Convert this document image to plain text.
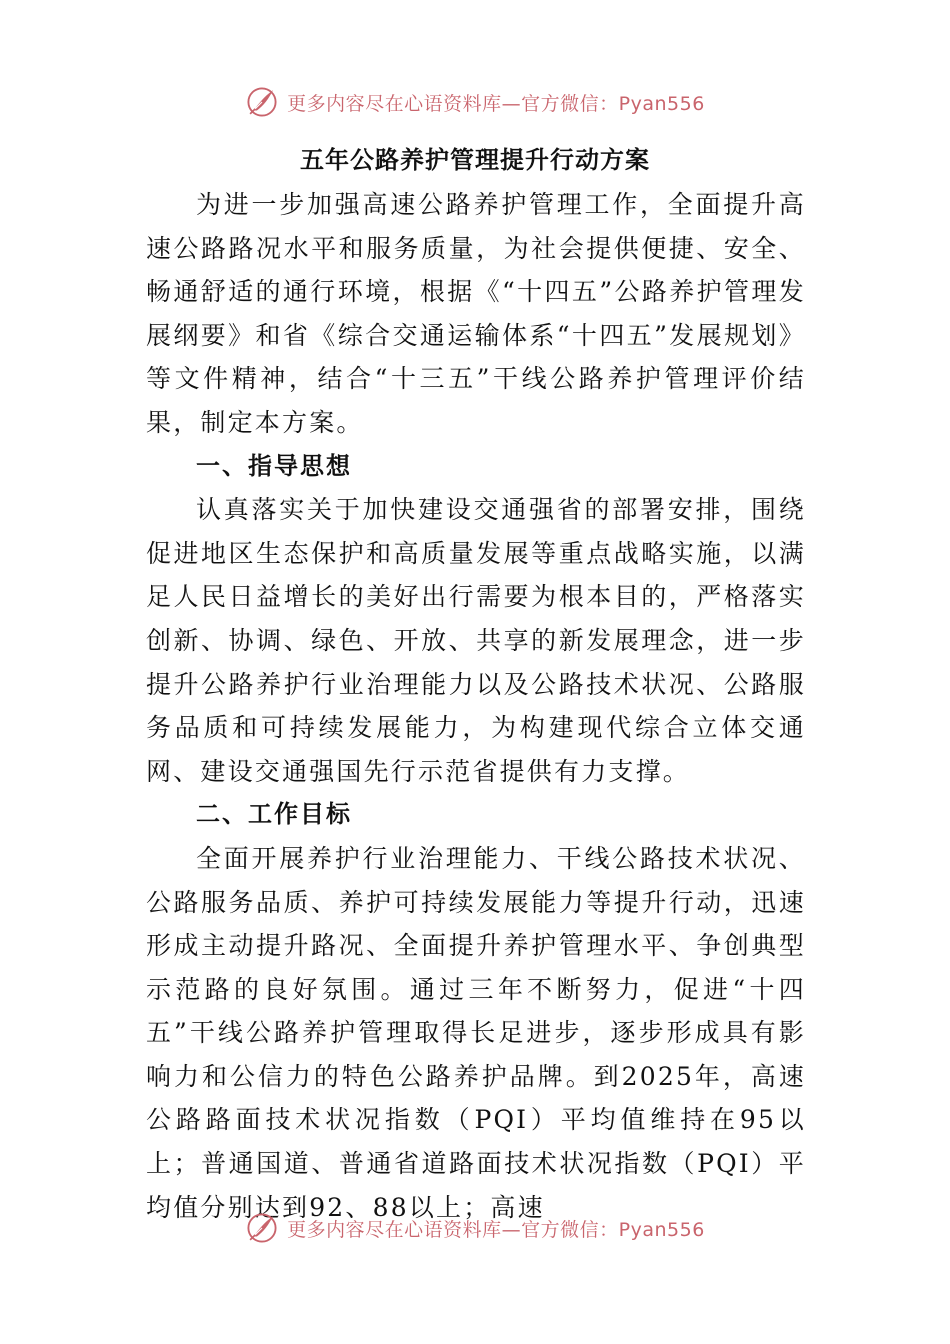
更多内容尽在心语资料库—官方微信：Pyan556
五年公路养护管理提升行动方案

为进一步加强高速公路养护管理工作，全面提升高速公路路况水平和服务质量，为社会提供便捷、安全、畅通舒适的通行环境，根据《“十四五”公路养护管理发展纲要》和省《综合交通运输体系“十四五”发展规划》等文件精神，结合“十三五”干线公路养护管理评价结果，制定本方案。

一、指导思想

认真落实关于加快建设交通强省的部署安排，围绕促进地区生态保护和高质量发展等重点战略实施，以满足人民日益增长的美好出行需要为根本目的，严格落实创新、协调、绿色、开放、共享的新发展理念，进一步提升公路养护行业治理能力以及公路技术状况、公路服务品质和可持续发展能力，为构建现代综合立体交通网、建设交通强国先行示范省提供有力支撑。

二、工作目标

全面开展养护行业治理能力、干线公路技术状况、公路服务品质、养护可持续发展能力等提升行动，迅速形成主动提升路况、全面提升养护管理水平、争创典型示范路的良好氛围。通过三年不断努力，促进“十四五”干线公路养护管理取得长足进步，逐步形成具有影响力和公信力的特色公路养护品牌。到2025年，高速公路路面技术状况指数（PQI）平均值维持在95以上；普通国道、普通省道路面技术状况指数（PQI）平均值分别达到92、88以上；高速

更多内容尽在心语资料库—官方微信：Pyan556
